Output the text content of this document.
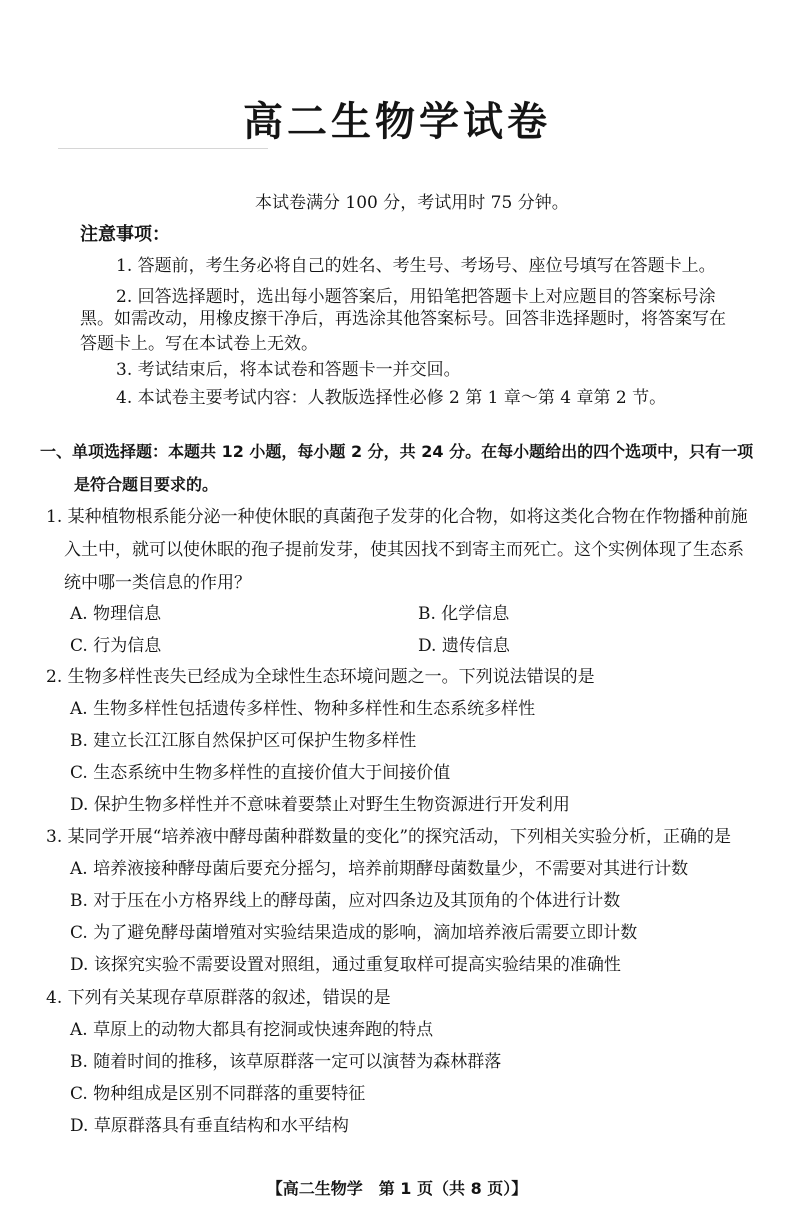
高二生物学试卷
本试卷满分 100 分，考试用时 75 分钟。
注意事项：
1. 答题前，考生务必将自己的姓名、考生号、考场号、座位号填写在答题卡上。
2. 回答选择题时，选出每小题答案后，用铅笔把答题卡上对应题目的答案标号涂
黑。如需改动，用橡皮擦干净后，再选涂其他答案标号。回答非选择题时，将答案写在
答题卡上。写在本试卷上无效。
3. 考试结束后，将本试卷和答题卡一并交回。
4. 本试卷主要考试内容：人教版选择性必修 2 第 1 章～第 4 章第 2 节。
一、单项选择题：本题共 12 小题，每小题 2 分，共 24 分。在每小题给出的四个选项中，只有一项
是符合题目要求的。
1. 某种植物根系能分泌一种使休眠的真菌孢子发芽的化合物，如将这类化合物在作物播种前施
入土中，就可以使休眠的孢子提前发芽，使其因找不到寄主而死亡。这个实例体现了生态系
统中哪一类信息的作用？
A. 物理信息	B. 化学信息
C. 行为信息	D. 遗传信息
2. 生物多样性丧失已经成为全球性生态环境问题之一。下列说法错误的是
A. 生物多样性包括遗传多样性、物种多样性和生态系统多样性
B. 建立长江江豚自然保护区可保护生物多样性
C. 生态系统中生物多样性的直接价值大于间接价值
D. 保护生物多样性并不意味着要禁止对野生生物资源进行开发利用
3. 某同学开展“培养液中酵母菌种群数量的变化”的探究活动，下列相关实验分析，正确的是
A. 培养液接种酵母菌后要充分摇匀，培养前期酵母菌数量少，不需要对其进行计数
B. 对于压在小方格界线上的酵母菌，应对四条边及其顶角的个体进行计数
C. 为了避免酵母菌增殖对实验结果造成的影响，滴加培养液后需要立即计数
D. 该探究实验不需要设置对照组，通过重复取样可提高实验结果的准确性
4. 下列有关某现存草原群落的叙述，错误的是
A. 草原上的动物大都具有挖洞或快速奔跑的特点
B. 随着时间的推移，该草原群落一定可以演替为森林群落
C. 物种组成是区别不同群落的重要特征
D. 草原群落具有垂直结构和水平结构
【高二生物学　第 1 页（共 8 页）】
